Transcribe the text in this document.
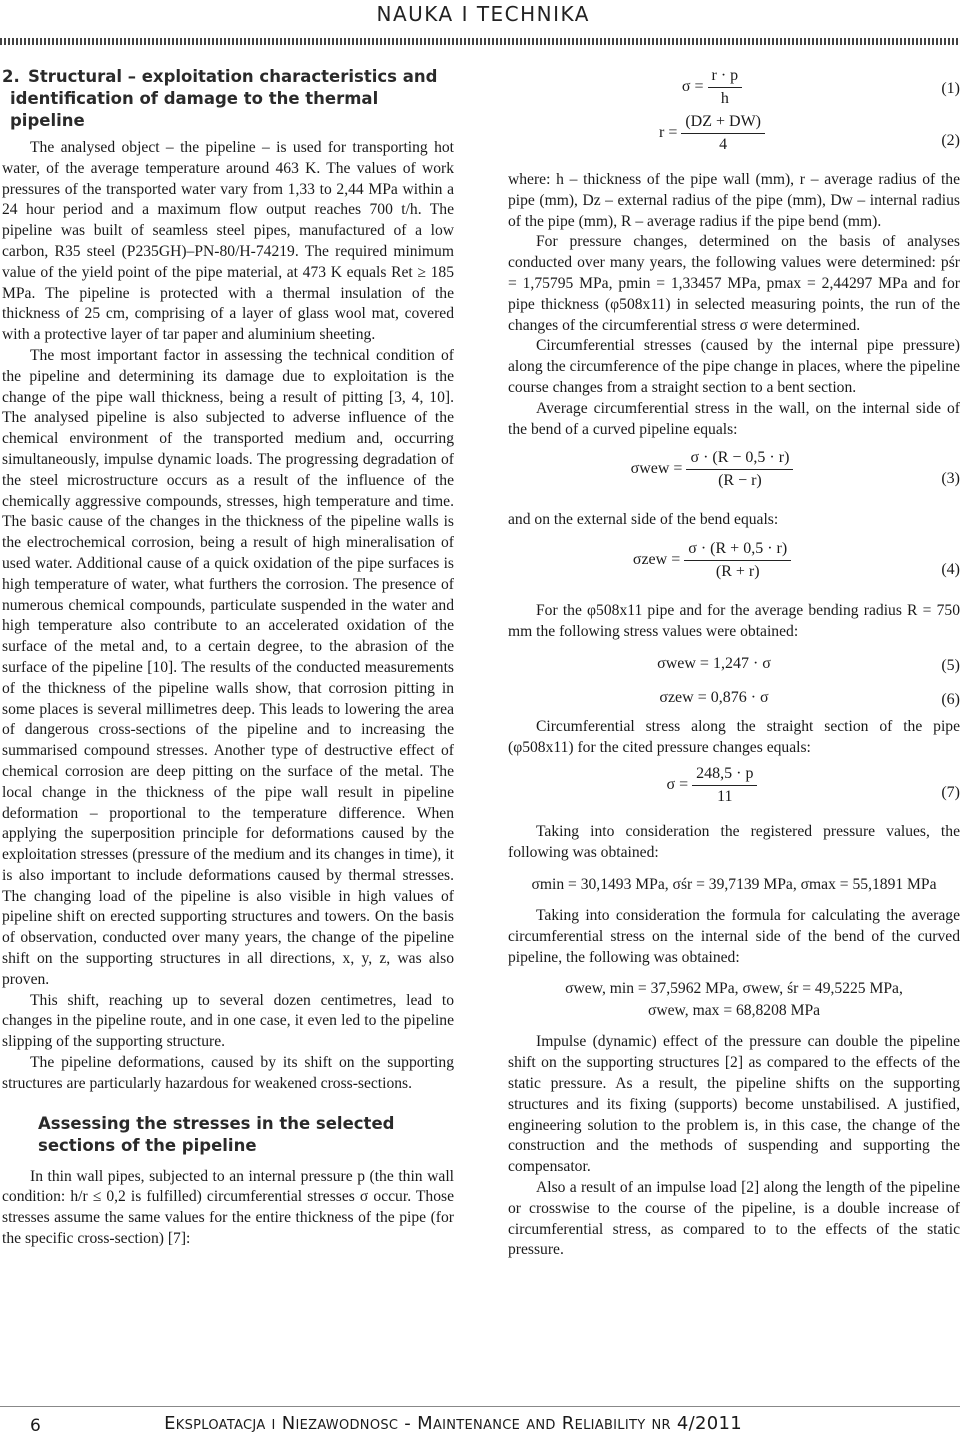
NAUKA I TECHNIKA
2. Structural – exploitation characteristics and identification of damage to the thermal pipeline

The analysed object – the pipeline – is used for transporting hot water, of the average temperature around 463 K. The values of work pressures of the transported water vary from 1,33 to 2,44 MPa within a 24 hour period and a maximum flow output reaches 700 t/h. The pipeline was built of seamless steel pipes, manufactured of a low carbon, R35 steel (P235GH)–PN-80/H-74219. The required minimum value of the yield point of the pipe material, at 473 K equals Ret ≥ 185 MPa. The pipeline is protected with a thermal insulation of the thickness of 25 cm, comprising of a layer of glass wool mat, covered with a protective layer of tar paper and aluminium sheeting.

The most important factor in assessing the technical condition of the pipeline and determining its damage due to exploitation is the change of the pipe wall thickness, being a result of pitting [3, 4, 10]. The analysed pipeline is also subjected to adverse influence of the chemical environment of the transported medium and, occurring simultaneously, impulse dynamic loads. The progressing degradation of the steel microstructure occurs as a result of the influence of the chemically aggressive compounds, stresses, high temperature and time. The basic cause of the changes in the thickness of the pipeline walls is the electrochemical corrosion, being a result of high mineralisation of used water. Additional cause of a quick oxidation of the pipe surfaces is high temperature of water, what furthers the corrosion. The presence of numerous chemical compounds, particulate suspended in the water and high temperature also contribute to an accelerated oxidation of the surface of the metal and, to a certain degree, to the abrasion of the surface of the pipeline [10]. The results of the conducted measurements of the thickness of the pipeline walls show, that corrosion pitting in some places is several millimetres deep. This leads to lowering the area of dangerous cross-sections of the pipeline and to increasing the summarised compound stresses. Another type of destructive effect of chemical corrosion are deep pitting on the surface of the metal. The local change in the thickness of the pipe wall result in pipeline deformation – proportional to the temperature difference. When applying the superposition principle for deformations caused by the exploitation stresses (pressure of the medium and its changes in time), it is also important to include deformations caused by thermal stresses. The changing load of the pipeline is also visible in high values of pipeline shift on erected supporting structures and towers. On the basis of observation, conducted over many years, the change of the pipeline shift on the supporting structures in all directions, x, y, z, was also proven.

This shift, reaching up to several dozen centimetres, lead to changes in the pipeline route, and in one case, it even led to the pipeline slipping of the supporting structure.

The pipeline deformations, caused by its shift on the supporting structures are particularly hazardous for weakened cross-sections.

Assessing the stresses in the selected sections of the pipeline

In thin wall pipes, subjected to an internal pressure p (the thin wall condition: h/r ≤ 0,2 is fulfilled) circumferential stresses σ occur. Those stresses assume the same values for the entire thickness of the pipe (for the specific cross-section) [7]:

$\sigma = \frac{r \cdot p}{h}$	(1)
$r = \frac{(DZ + DW)}{4}$	(2)

where: h – thickness of the pipe wall (mm), r – average radius of the pipe (mm), Dz – external radius of the pipe (mm), Dw – internal radius of the pipe (mm), R – average radius if the pipe bend (mm).

For pressure changes, determined on the basis of analyses conducted over many years, the following values were determined: pśr = 1,75795 MPa, pmin = 1,33457 MPa, pmax = 2,44297 MPa and for pipe thickness (φ508x11) in selected measuring points, the run of the changes of the circumferential stress σ were determined.

Circumferential stresses (caused by the internal pipe pressure) along the circumference of the pipe change in places, where the pipeline course changes from a straight section to a bent section.

Average circumferential stress in the wall, on the internal side of the bend of a curved pipeline equals:

$\sigma wew = \frac{\sigma \cdot (R - 0,5 \cdot r)}{(R - r)}$	(3)

and on the external side of the bend equals:

$\sigma zew = \frac{\sigma \cdot (R + 0,5 \cdot r)}{(R + r)}$	(4)

For the φ508x11 pipe and for the average bending radius R = 750 mm the following stress values were obtained:

σwew = 1,247 · σ	(5)
σzew = 0,876 · σ	(6)

Circumferential stress along the straight section of the pipe (φ508x11) for the cited pressure changes equals:

$\sigma = \frac{248,5 \cdot p}{11}$	(7)

Taking into consideration the registered pressure values, the following was obtained:

σmin = 30,1493 MPa, σśr = 39,7139 MPa, σmax = 55,1891 MPa

Taking into consideration the formula for calculating the average circumferential stress on the internal side of the bend of the curved pipeline, the following was obtained:

σwew, min = 37,5962 MPa, σwew, śr = 49,5225 MPa,
σwew, max = 68,8208 MPa

Impulse (dynamic) effect of the pressure can double the pipeline shift on the supporting structures [2] as compared to the effects of the static pressure. As a result, the pipeline shifts on the supporting structures and its fixing (supports) become unstabilised. A justified, engineering solution to the problem is, in this case, the change of the construction and the methods of suspending and supporting the compensator.

Also a result of an impulse load [2] along the length of the pipeline or crosswise to the course of the pipeline, is a double increase of circumferential stress, as compared to to the effects of the static pressure.

6	Eksploatacja i Niezawodnosc - Maintenance and Reliability nr 4/2011
